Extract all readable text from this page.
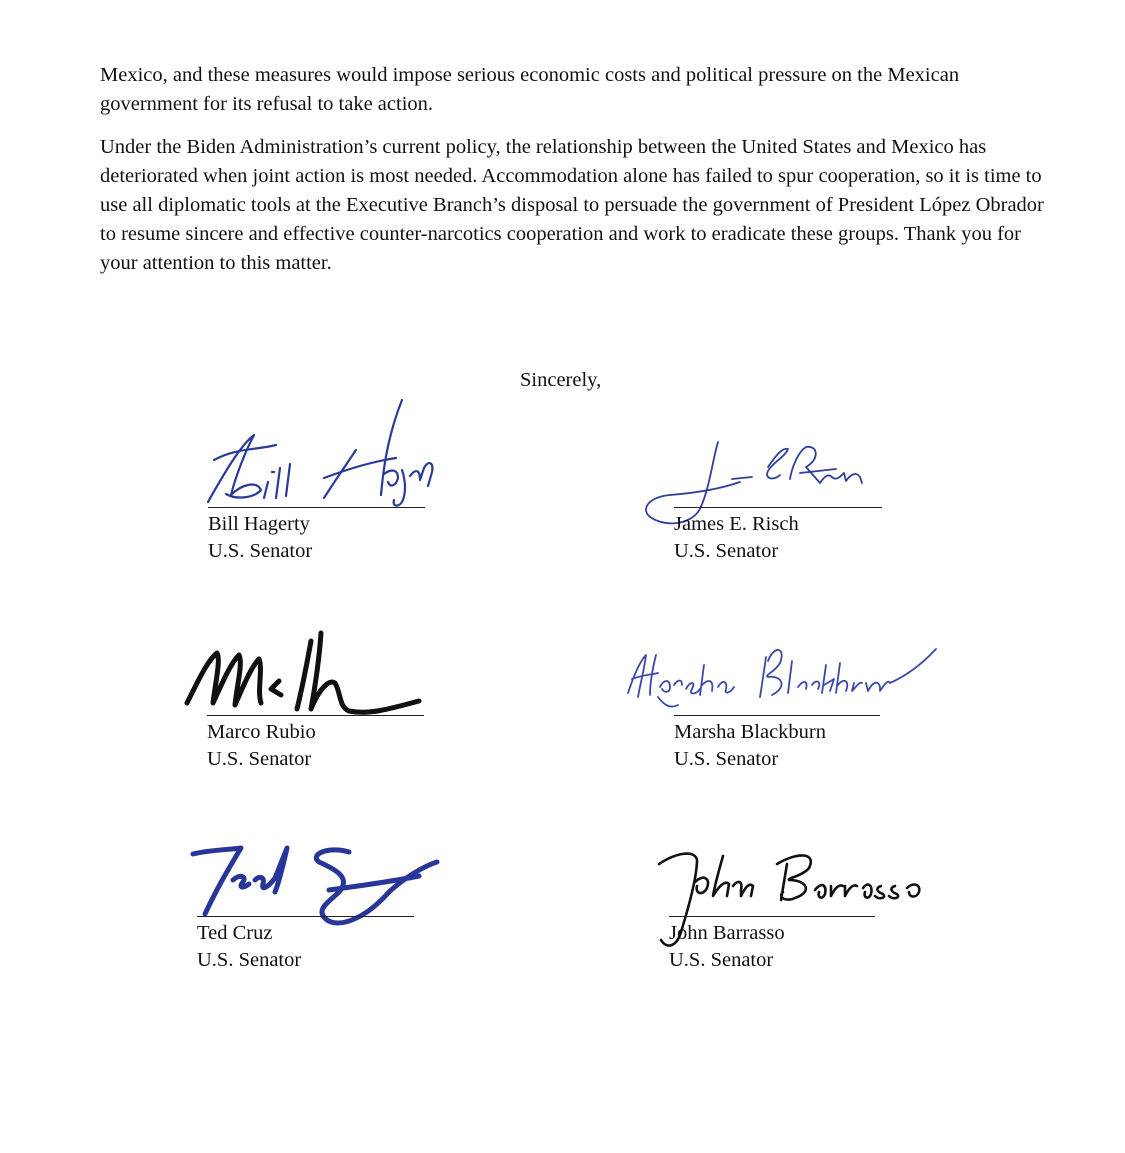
Mexico, and these measures would impose serious economic costs and political pressure on the Mexican government for its refusal to take action.

Under the Biden Administration’s current policy, the relationship between the United States and Mexico has deteriorated when joint action is most needed. Accommodation alone has failed to spur cooperation, so it is time to use all diplomatic tools at the Executive Branch’s disposal to persuade the government of President López Obrador to resume sincere and effective counter-narcotics cooperation and work to eradicate these groups. Thank you for your attention to this matter.

Sincerely,
Bill Hagerty
U.S. Senator
James E. Risch
U.S. Senator
Marco Rubio
U.S. Senator
Marsha Blackburn
U.S. Senator
Ted Cruz
U.S. Senator
John Barrasso
U.S. Senator
